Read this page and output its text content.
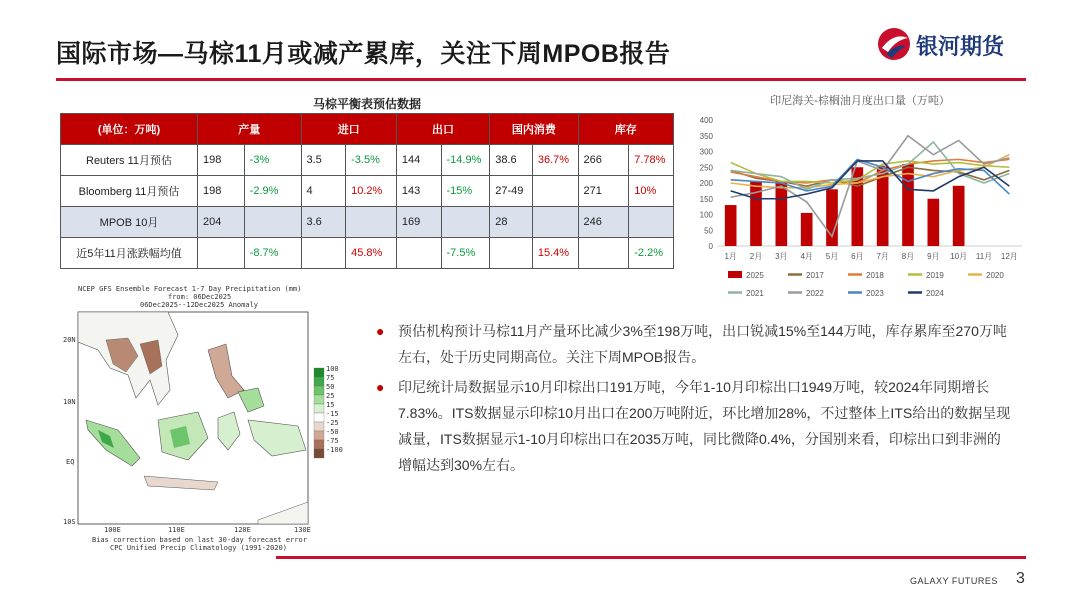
国际市场—马棕11月或减产累库，关注下周MPOB报告	银河期货
马棕平衡表预估数据
(单位：万吨)	产量		进口		出口		国内消费		库存	
Reuters 11月预估	198	-3%	3.5	-3.5%	144	-14.9%	38.6	36.7%	266	7.78%
Bloomberg 11月预估	198	-2.9%	4	10.2%	143	-15%	27-49		271	10%
MPOB 10月	204		3.6		169		28		246	
近5年11月涨跌幅均值		-8.7%		45.8%		-7.5%		15.4%		-2.2%
印尼海关-棕榈油月度出口量（万吨）
0
50
100
150
200
250
300
350
400
1月 2月 3月 4月 5月 6月 7月 8月 9月 10月 11月 12月
2025	2017	2018	2019	2020
2021	2022	2023	2024
NCEP GFS Ensemble Forecast 1-7 Day Precipitation (mm)
from: 06Dec2025
06Dec2025--12Dec2025 Anomaly
20N
10N
EQ
10S
100E	110E	120E	130E
100
75
50
25
15
-15
-25
-50
-75
-100
Bias correction based on last 30-day forecast error
CPC Unified Precip Climatology (1991-2020)
● 预估机构预计马棕11月产量环比减少3%至198万吨，出口锐减15%至144万吨，库存累库至270万吨左右，处于历史同期高位。关注下周MPOB报告。
● 印尼统计局数据显示10月印棕出口191万吨，今年1-10月印棕出口1949万吨，较2024年同期增长7.83%。ITS数据显示印棕10月出口在200万吨附近，环比增加28%，不过整体上ITS给出的数据呈现减量，ITS数据显示1-10月印棕出口在2035万吨，同比微降0.4%，分国别来看，印棕出口到非洲的增幅达到30%左右。
GALAXY FUTURES 3
